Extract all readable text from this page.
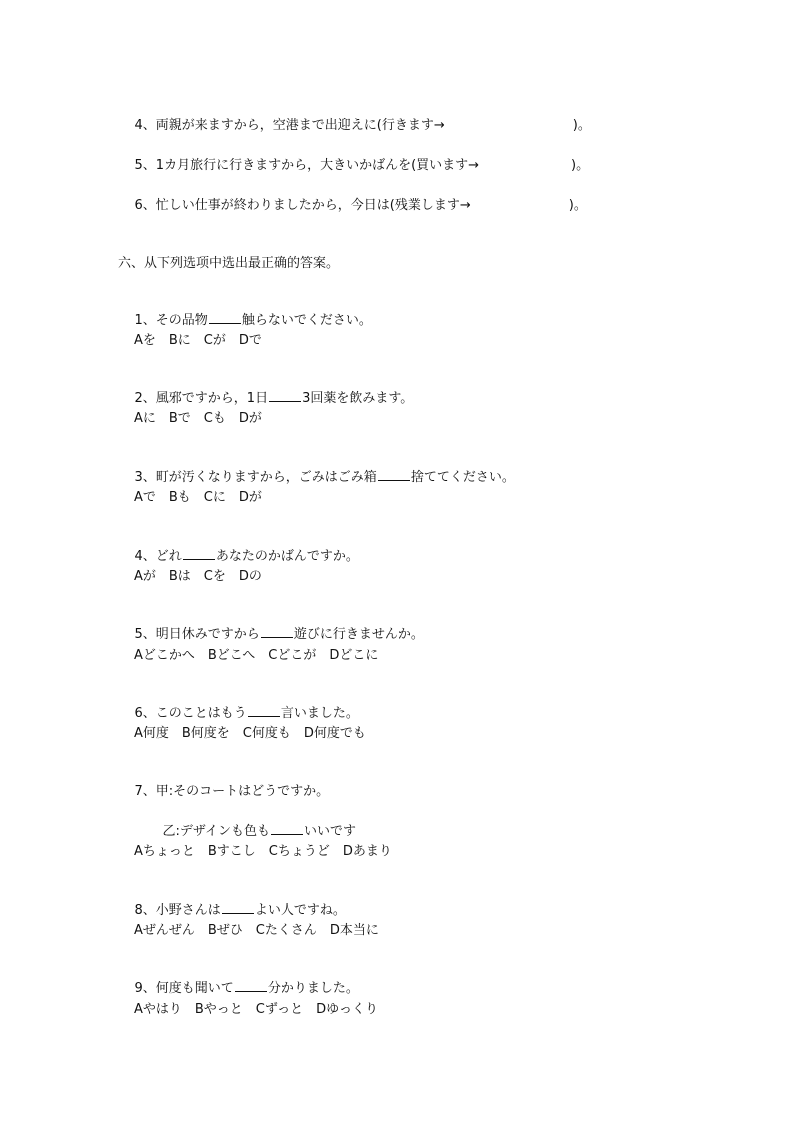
4、両親が来ますから，空港まで出迎えに(行きます→	)。

5、1カ月旅行に行きますから，大きいかばんを(買います→	)。

6、忙しい仕事が終わりましたから，今日は(残業します→	)。

六、从下列选项中选出最正确的答案。

1、その品物	触らないでください。

Aを　Bに　Cが　Dで

2、風邪ですから，1日	3回薬を飲みます。

Aに　Bで　Cも　Dが

3、町が汚くなりますから，ごみはごみ箱	捨ててください。

Aで　Bも　Cに　Dが

4、どれ	あなたのかばんですか。

Aが　Bは　Cを　Dの

5、明日休みですから	遊びに行きませんか。

Aどこかへ　Bどこへ　Cどこが　Dどこに

6、このことはもう	言いました。

A何度　B何度を　C何度も　D何度でも

7、甲:そのコートはどうですか。

乙:デザインも色も	いいです

Aちょっと　Bすこし　Cちょうど　Dあまり

8、小野さんは	よい人ですね。

Aぜんぜん　Bぜひ　Cたくさん　D本当に

9、何度も聞いて	分かりました。

Aやはり　Bやっと　Cずっと　Dゆっくり
